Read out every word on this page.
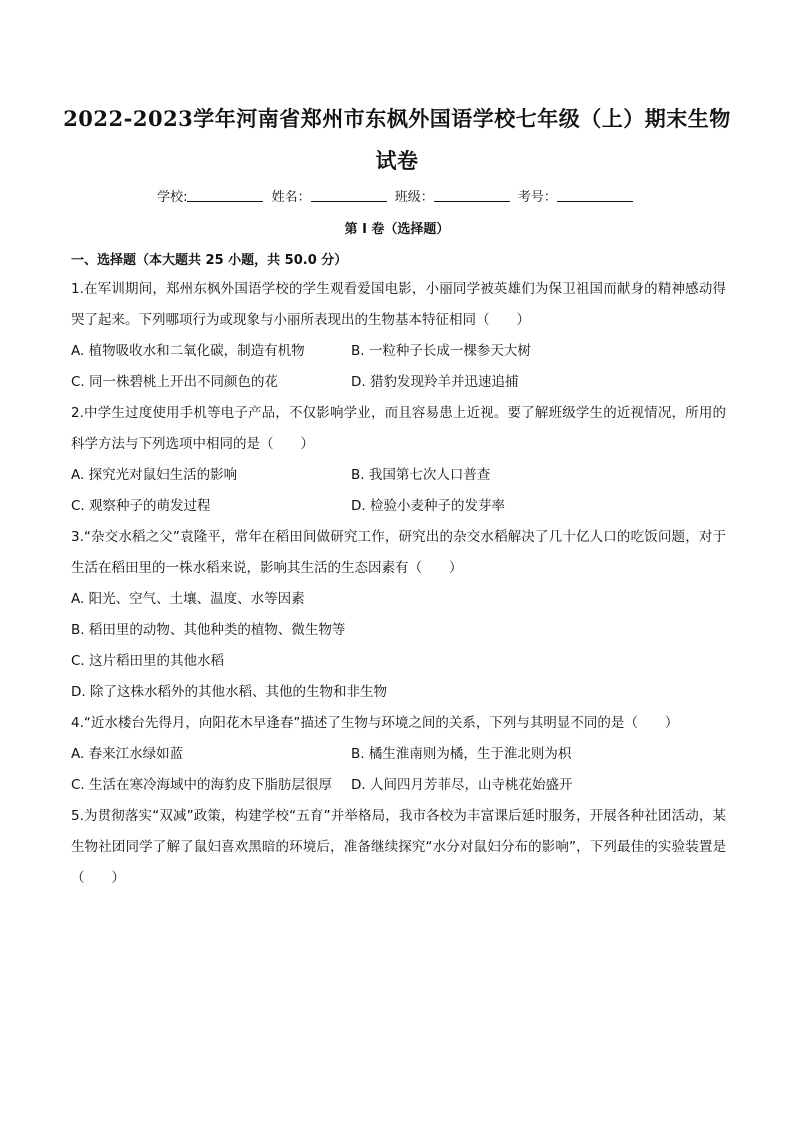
2022-2023学年河南省郑州市东枫外国语学校七年级（上）期末生物试卷
学校:	姓名：	班级：	考号：
第 I 卷（选择题）
一、选择题（本大题共 25 小题，共 50.0 分）

1.在军训期间，郑州东枫外国语学校的学生观看爱国电影，小丽同学被英雄们为保卫祖国而献身的精神感动得哭了起来。下列哪项行为或现象与小丽所表现出的生物基本特征相同（　　）

A. 植物吸收水和二氧化碳，制造有机物	B. 一粒种子长成一棵参天大树
C. 同一株碧桃上开出不同颜色的花	D. 猎豹发现羚羊并迅速追捕

2.中学生过度使用手机等电子产品，不仅影响学业，而且容易患上近视。要了解班级学生的近视情况，所用的科学方法与下列选项中相同的是（　　）

A. 探究光对鼠妇生活的影响	B. 我国第七次人口普查
C. 观察种子的萌发过程	D. 检验小麦种子的发芽率

3.“杂交水稻之父”袁隆平，常年在稻田间做研究工作，研究出的杂交水稻解决了几十亿人口的吃饭问题，对于生活在稻田里的一株水稻来说，影响其生活的生态因素有（　　）

A. 阳光、空气、土壤、温度、水等因素
B. 稻田里的动物、其他种类的植物、微生物等
C. 这片稻田里的其他水稻
D. 除了这株水稻外的其他水稻、其他的生物和非生物

4.“近水楼台先得月，向阳花木早逢春”描述了生物与环境之间的关系，下列与其明显不同的是（　　）

A. 春来江水绿如蓝	B. 橘生淮南则为橘，生于淮北则为枳
C. 生活在寒冷海域中的海豹皮下脂肪层很厚	D. 人间四月芳菲尽，山寺桃花始盛开

5.为贯彻落实“双减”政策，构建学校“五育”并举格局，我市各校为丰富课后延时服务，开展各种社团活动，某生物社团同学了解了鼠妇喜欢黑暗的环境后，准备继续探究“水分对鼠妇分布的影响”，下列最佳的实验装置是（　　）
